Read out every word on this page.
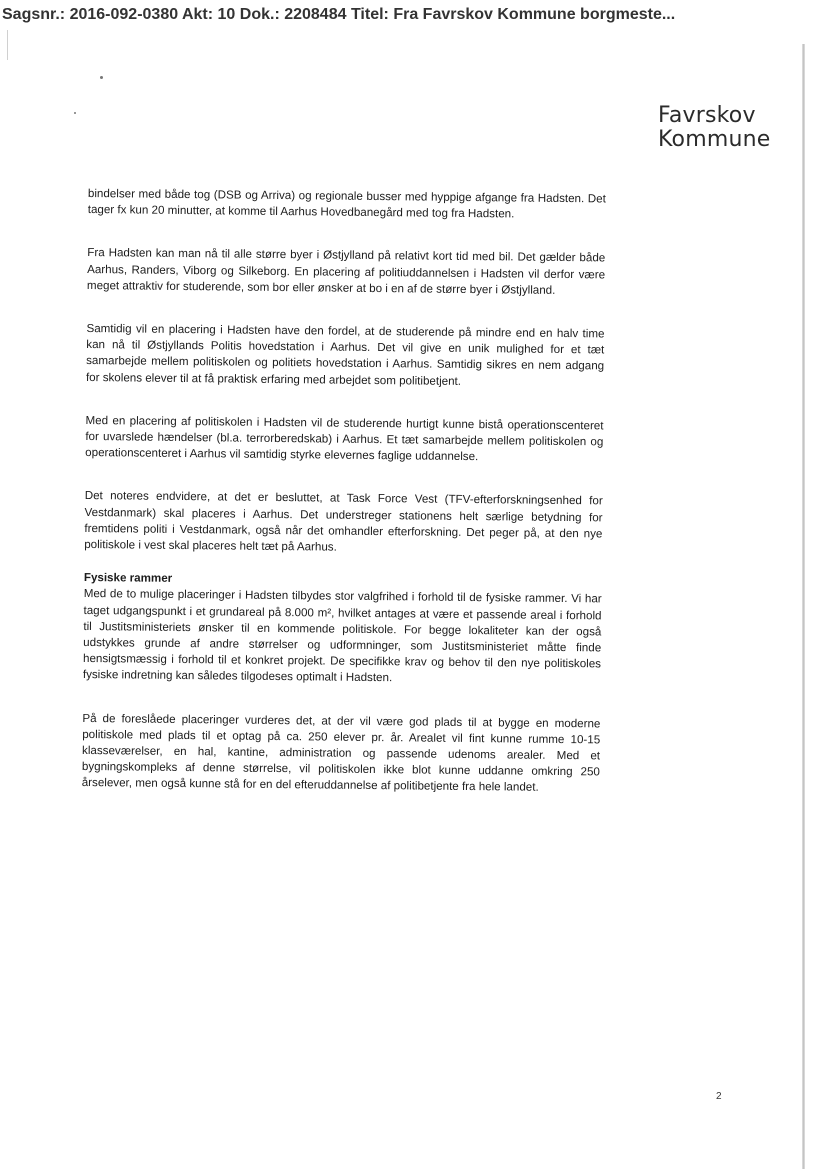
Sagsnr.: 2016-092-0380 Akt: 10 Dok.: 2208484 Titel: Fra Favrskov Kommune borgmeste...
Favrskov
Kommune

bindelser med både tog (DSB og Arriva) og regionale busser med hyppige afgange fra Hadsten. Det tager fx kun 20 minutter, at komme til Aarhus Hovedbanegård med tog fra Hadsten.

Fra Hadsten kan man nå til alle større byer i Østjylland på relativt kort tid med bil. Det gælder både Aarhus, Randers, Viborg og Silkeborg. En placering af politiuddannelsen i Hadsten vil derfor være meget attraktiv for studerende, som bor eller ønsker at bo i en af de større byer i Østjylland.

Samtidig vil en placering i Hadsten have den fordel, at de studerende på mindre end en halv time kan nå til Østjyllands Politis hovedstation i Aarhus. Det vil give en unik mulighed for et tæt samarbejde mellem politiskolen og politiets hovedstation i Aarhus. Samtidig sikres en nem adgang for skolens elever til at få praktisk erfaring med arbejdet som politibetjent.

Med en placering af politiskolen i Hadsten vil de studerende hurtigt kunne bistå operationscenteret for uvarslede hændelser (bl.a. terrorberedskab) i Aarhus. Et tæt samarbejde mellem politiskolen og operationscenteret i Aarhus vil samtidig styrke elevernes faglige uddannelse.

Det noteres endvidere, at det er besluttet, at Task Force Vest (TFV-efterforskningsenhed for Vestdanmark) skal placeres i Aarhus. Det understreger stationens helt særlige betydning for fremtidens politi i Vestdanmark, også når det omhandler efterforskning. Det peger på, at den nye politiskole i vest skal placeres helt tæt på Aarhus.

Fysiske rammer

Med de to mulige placeringer i Hadsten tilbydes stor valgfrihed i forhold til de fysiske rammer. Vi har taget udgangspunkt i et grundareal på 8.000 m², hvilket antages at være et passende areal i forhold til Justitsministeriets ønsker til en kommende politiskole. For begge lokaliteter kan der også udstykkes grunde af andre størrelser og udformninger, som Justitsministeriet måtte finde hensigtsmæssig i forhold til et konkret projekt. De specifikke krav og behov til den nye politiskoles fysiske indretning kan således tilgodeses optimalt i Hadsten.

På de foreslåede placeringer vurderes det, at der vil være god plads til at bygge en moderne politiskole med plads til et optag på ca. 250 elever pr. år. Arealet vil fint kunne rumme 10-15 klasseværelser, en hal, kantine, administration og passende udenoms arealer. Med et bygningskompleks af denne størrelse, vil politiskolen ikke blot kunne uddanne omkring 250 årselever, men også kunne stå for en del efteruddannelse af politibetjente fra hele landet.

2
